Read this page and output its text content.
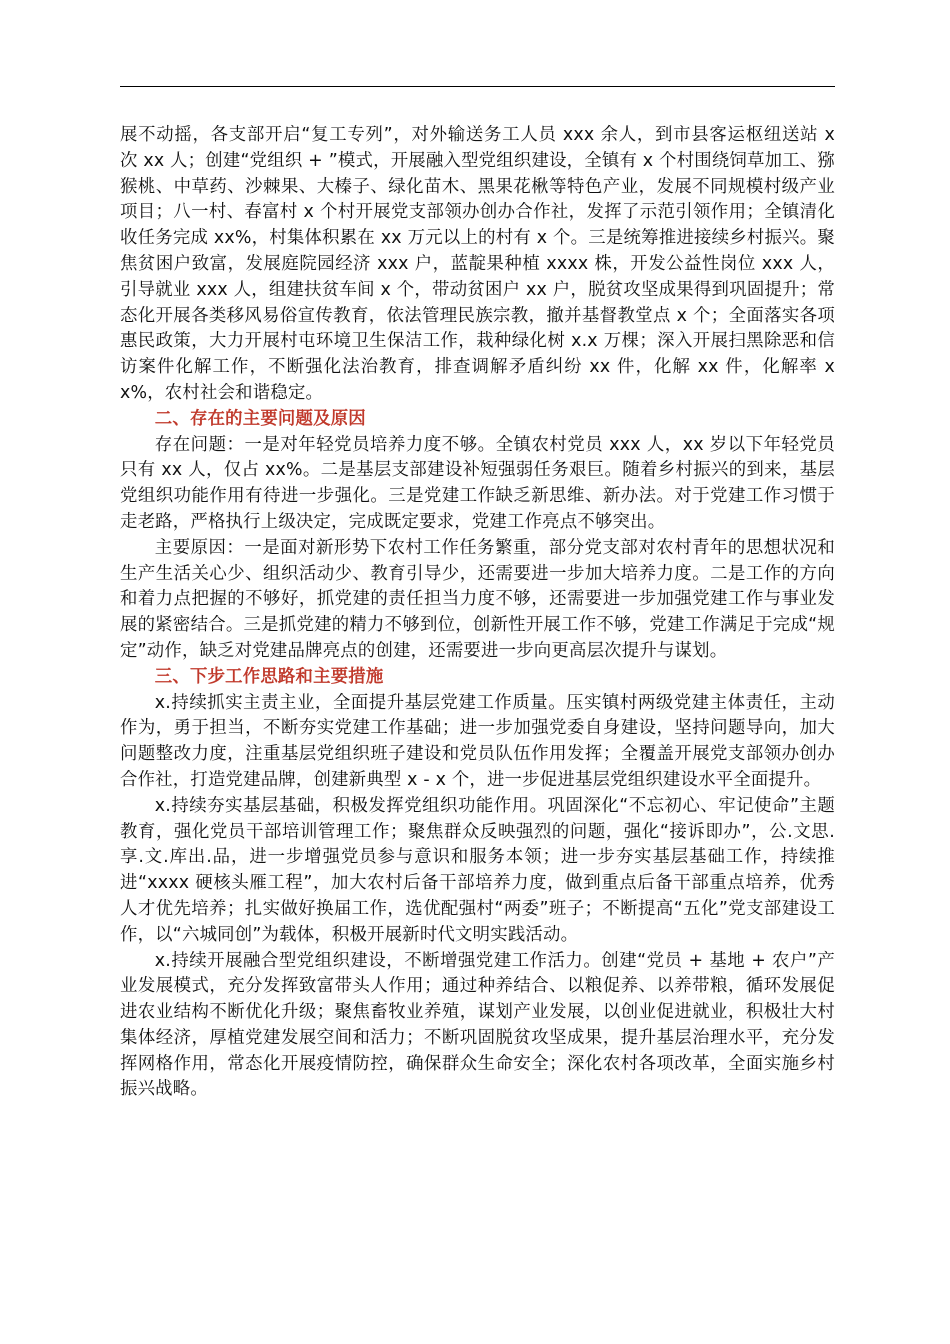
展不动摇，各支部开启“复工专列”，对外输送务工人员 xxx 余人，到市县客运枢纽送站 x 次 xx 人；创建“党组织 + ”模式，开展融入型党组织建设，全镇有 x 个村围绕饲草加工、猕猴桃、中草药、沙棘果、大榛子、绿化苗木、黑果花楸等特色产业，发展不同规模村级产业项目；八一村、春富村 x 个村开展党支部领办创办合作社，发挥了示范引领作用；全镇清化收任务完成 xx%，村集体积累在 xx 万元以上的村有 x 个。三是统筹推进接续乡村振兴。聚焦贫困户致富，发展庭院园经济 xxx 户，蓝靛果种植 xxxx 株，开发公益性岗位 xxx 人，引导就业 xxx 人，组建扶贫车间 x 个，带动贫困户 xx 户，脱贫攻坚成果得到巩固提升；常态化开展各类移风易俗宣传教育，依法管理民族宗教，撤并基督教堂点 x 个；全面落实各项惠民政策，大力开展村屯环境卫生保洁工作，栽种绿化树 x.x 万棵；深入开展扫黑除恶和信访案件化解工作，不断强化法治教育，排查调解矛盾纠纷 xx 件，化解 xx 件，化解率 xx%，农村社会和谐稳定。

二、存在的主要问题及原因

存在问题：一是对年轻党员培养力度不够。全镇农村党员 xxx 人，xx 岁以下年轻党员只有 xx 人，仅占 xx%。二是基层支部建设补短强弱任务艰巨。随着乡村振兴的到来，基层党组织功能作用有待进一步强化。三是党建工作缺乏新思维、新办法。对于党建工作习惯于走老路，严格执行上级决定，完成既定要求，党建工作亮点不够突出。

主要原因：一是面对新形势下农村工作任务繁重，部分党支部对农村青年的思想状况和生产生活关心少、组织活动少、教育引导少，还需要进一步加大培养力度。二是工作的方向和着力点把握的不够好，抓党建的责任担当力度不够，还需要进一步加强党建工作与事业发展的紧密结合。三是抓党建的精力不够到位，创新性开展工作不够，党建工作满足于完成“规定”动作，缺乏对党建品牌亮点的创建，还需要进一步向更高层次提升与谋划。

三、下步工作思路和主要措施

x.持续抓实主责主业，全面提升基层党建工作质量。压实镇村两级党建主体责任，主动作为，勇于担当，不断夯实党建工作基础；进一步加强党委自身建设，坚持问题导向，加大问题整改力度，注重基层党组织班子建设和党员队伍作用发挥；全覆盖开展党支部领办创办合作社，打造党建品牌，创建新典型 x - x 个，进一步促进基层党组织建设水平全面提升。

x.持续夯实基层基础，积极发挥党组织功能作用。巩固深化“不忘初心、牢记使命”主题教育，强化党员干部培训管理工作；聚焦群众反映强烈的问题，强化“接诉即办”，公.文思.享.文.库出.品，进一步增强党员参与意识和服务本领；进一步夯实基层基础工作，持续推进“xxxx 硬核头雁工程”，加大农村后备干部培养力度，做到重点后备干部重点培养，优秀人才优先培养；扎实做好换届工作，选优配强村“两委”班子；不断提高“五化”党支部建设工作，以“六城同创”为载体，积极开展新时代文明实践活动。

x.持续开展融合型党组织建设，不断增强党建工作活力。创建“党员 + 基地 + 农户”产业发展模式，充分发挥致富带头人作用；通过种养结合、以粮促养、以养带粮，循环发展促进农业结构不断优化升级；聚焦畜牧业养殖，谋划产业发展，以创业促进就业，积极壮大村集体经济，厚植党建发展空间和活力；不断巩固脱贫攻坚成果，提升基层治理水平，充分发挥网格作用，常态化开展疫情防控，确保群众生命安全；深化农村各项改革，全面实施乡村振兴战略。
